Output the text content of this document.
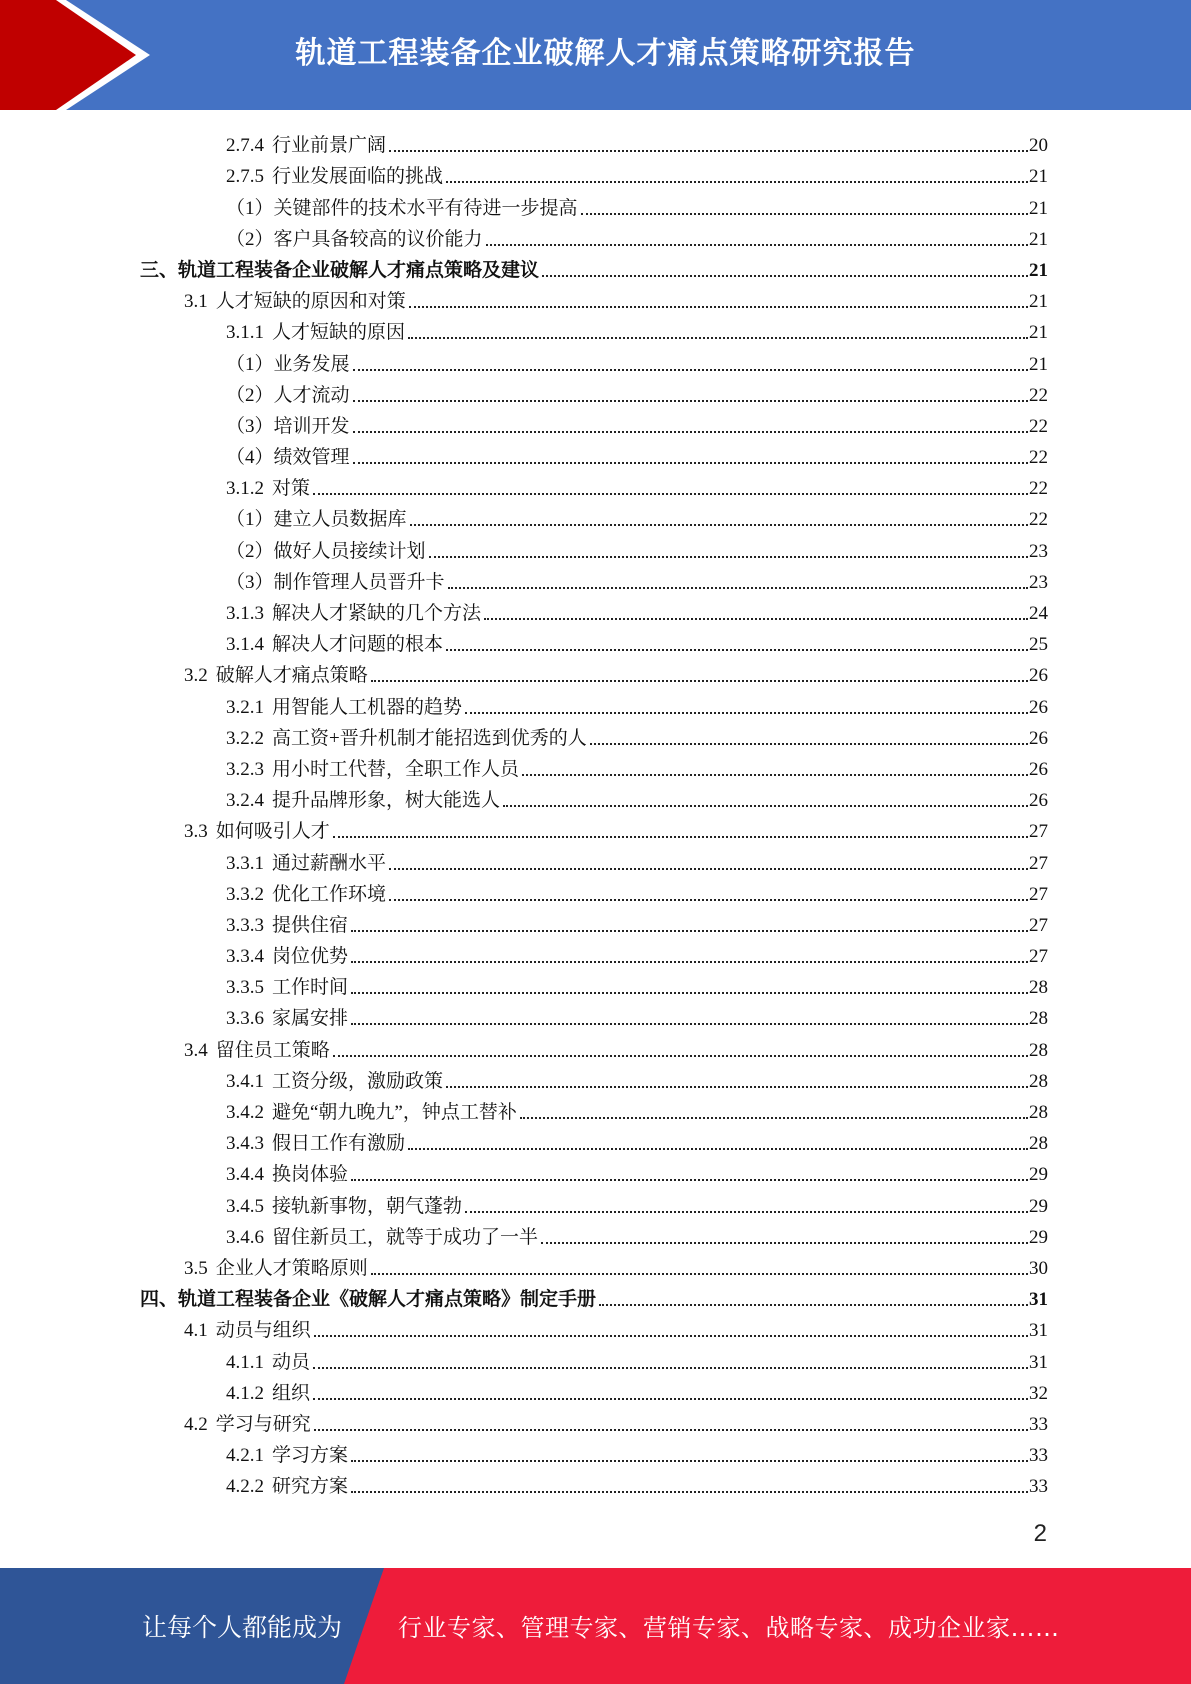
轨道工程装备企业破解人才痛点策略研究报告
2.7.4 行业前景广阔	20
2.7.5 行业发展面临的挑战	21
（1）关键部件的技术水平有待进一步提高	21
（2）客户具备较高的议价能力	21
三、轨道工程装备企业破解人才痛点策略及建议	21
3.1 人才短缺的原因和对策	21
3.1.1 人才短缺的原因	21
（1）业务发展	21
（2）人才流动	22
（3）培训开发	22
（4）绩效管理	22
3.1.2 对策	22
（1）建立人员数据库	22
（2）做好人员接续计划	23
（3）制作管理人员晋升卡	23
3.1.3 解决人才紧缺的几个方法	24
3.1.4 解决人才问题的根本	25
3.2 破解人才痛点策略	26
3.2.1 用智能人工机器的趋势	26
3.2.2 高工资+晋升机制才能招选到优秀的人	26
3.2.3 用小时工代替，全职工作人员	26
3.2.4 提升品牌形象，树大能选人	26
3.3 如何吸引人才	27
3.3.1 通过薪酬水平	27
3.3.2 优化工作环境	27
3.3.3 提供住宿	27
3.3.4 岗位优势	27
3.3.5 工作时间	28
3.3.6 家属安排	28
3.4 留住员工策略	28
3.4.1 工资分级，激励政策	28
3.4.2 避免“朝九晚九”，钟点工替补	28
3.4.3 假日工作有激励	28
3.4.4 换岗体验	29
3.4.5 接轨新事物，朝气蓬勃	29
3.4.6 留住新员工，就等于成功了一半	29
3.5 企业人才策略原则	30
四、轨道工程装备企业《破解人才痛点策略》制定手册	31
4.1 动员与组织	31
4.1.1 动员	31
4.1.2 组织	32
4.2 学习与研究	33
4.2.1 学习方案	33
4.2.2 研究方案	33
2
让每个人都能成为 行业专家、管理专家、营销专家、战略专家、成功企业家……
